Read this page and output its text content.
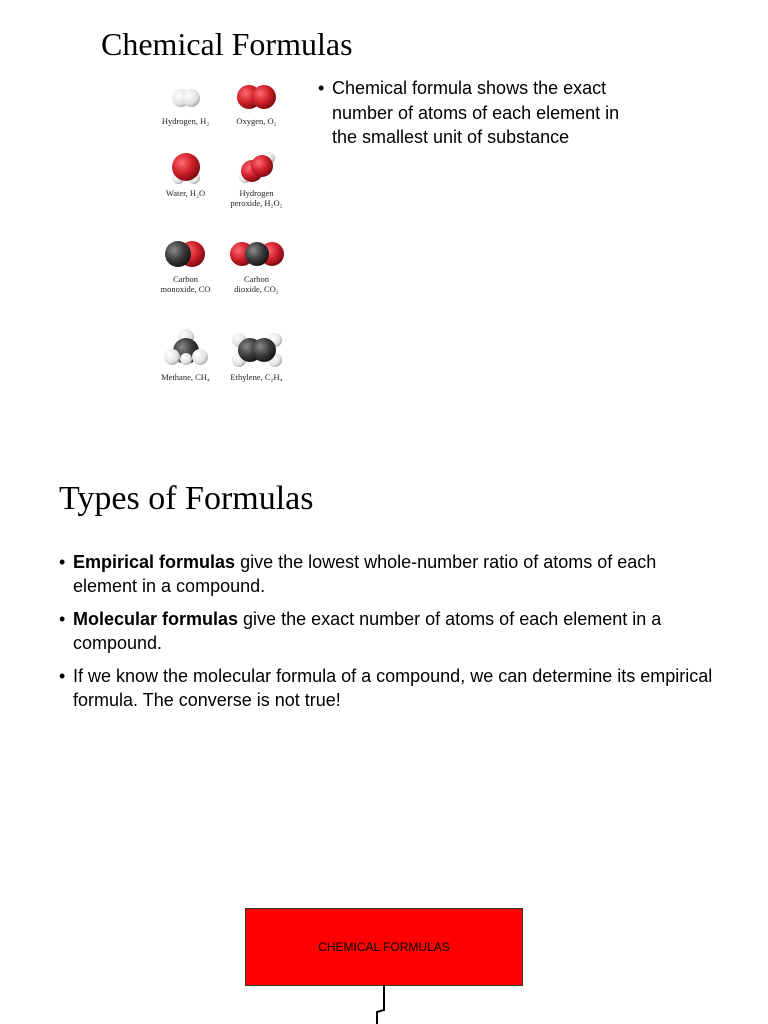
Chemical Formulas
Hydrogen, H₂	Oxygen, O₂
Water, H₂O	Hydrogen
peroxide, H₂O₂
Carbon
monoxide, CO
Carbon
dioxide, CO₂
Methane, CH₄	Ethylene, C₂H₄
• Chemical formula shows the exact number of atoms of each element in the smallest unit of substance
Types of Formulas
• Empirical formulas give the lowest whole-number ratio of atoms of each element in a compound.
• Molecular formulas give the exact number of atoms of each element in a compound.
• If we know the molecular formula of a compound, we can determine its empirical formula. The converse is not true!
CHEMICAL FORMULAS
